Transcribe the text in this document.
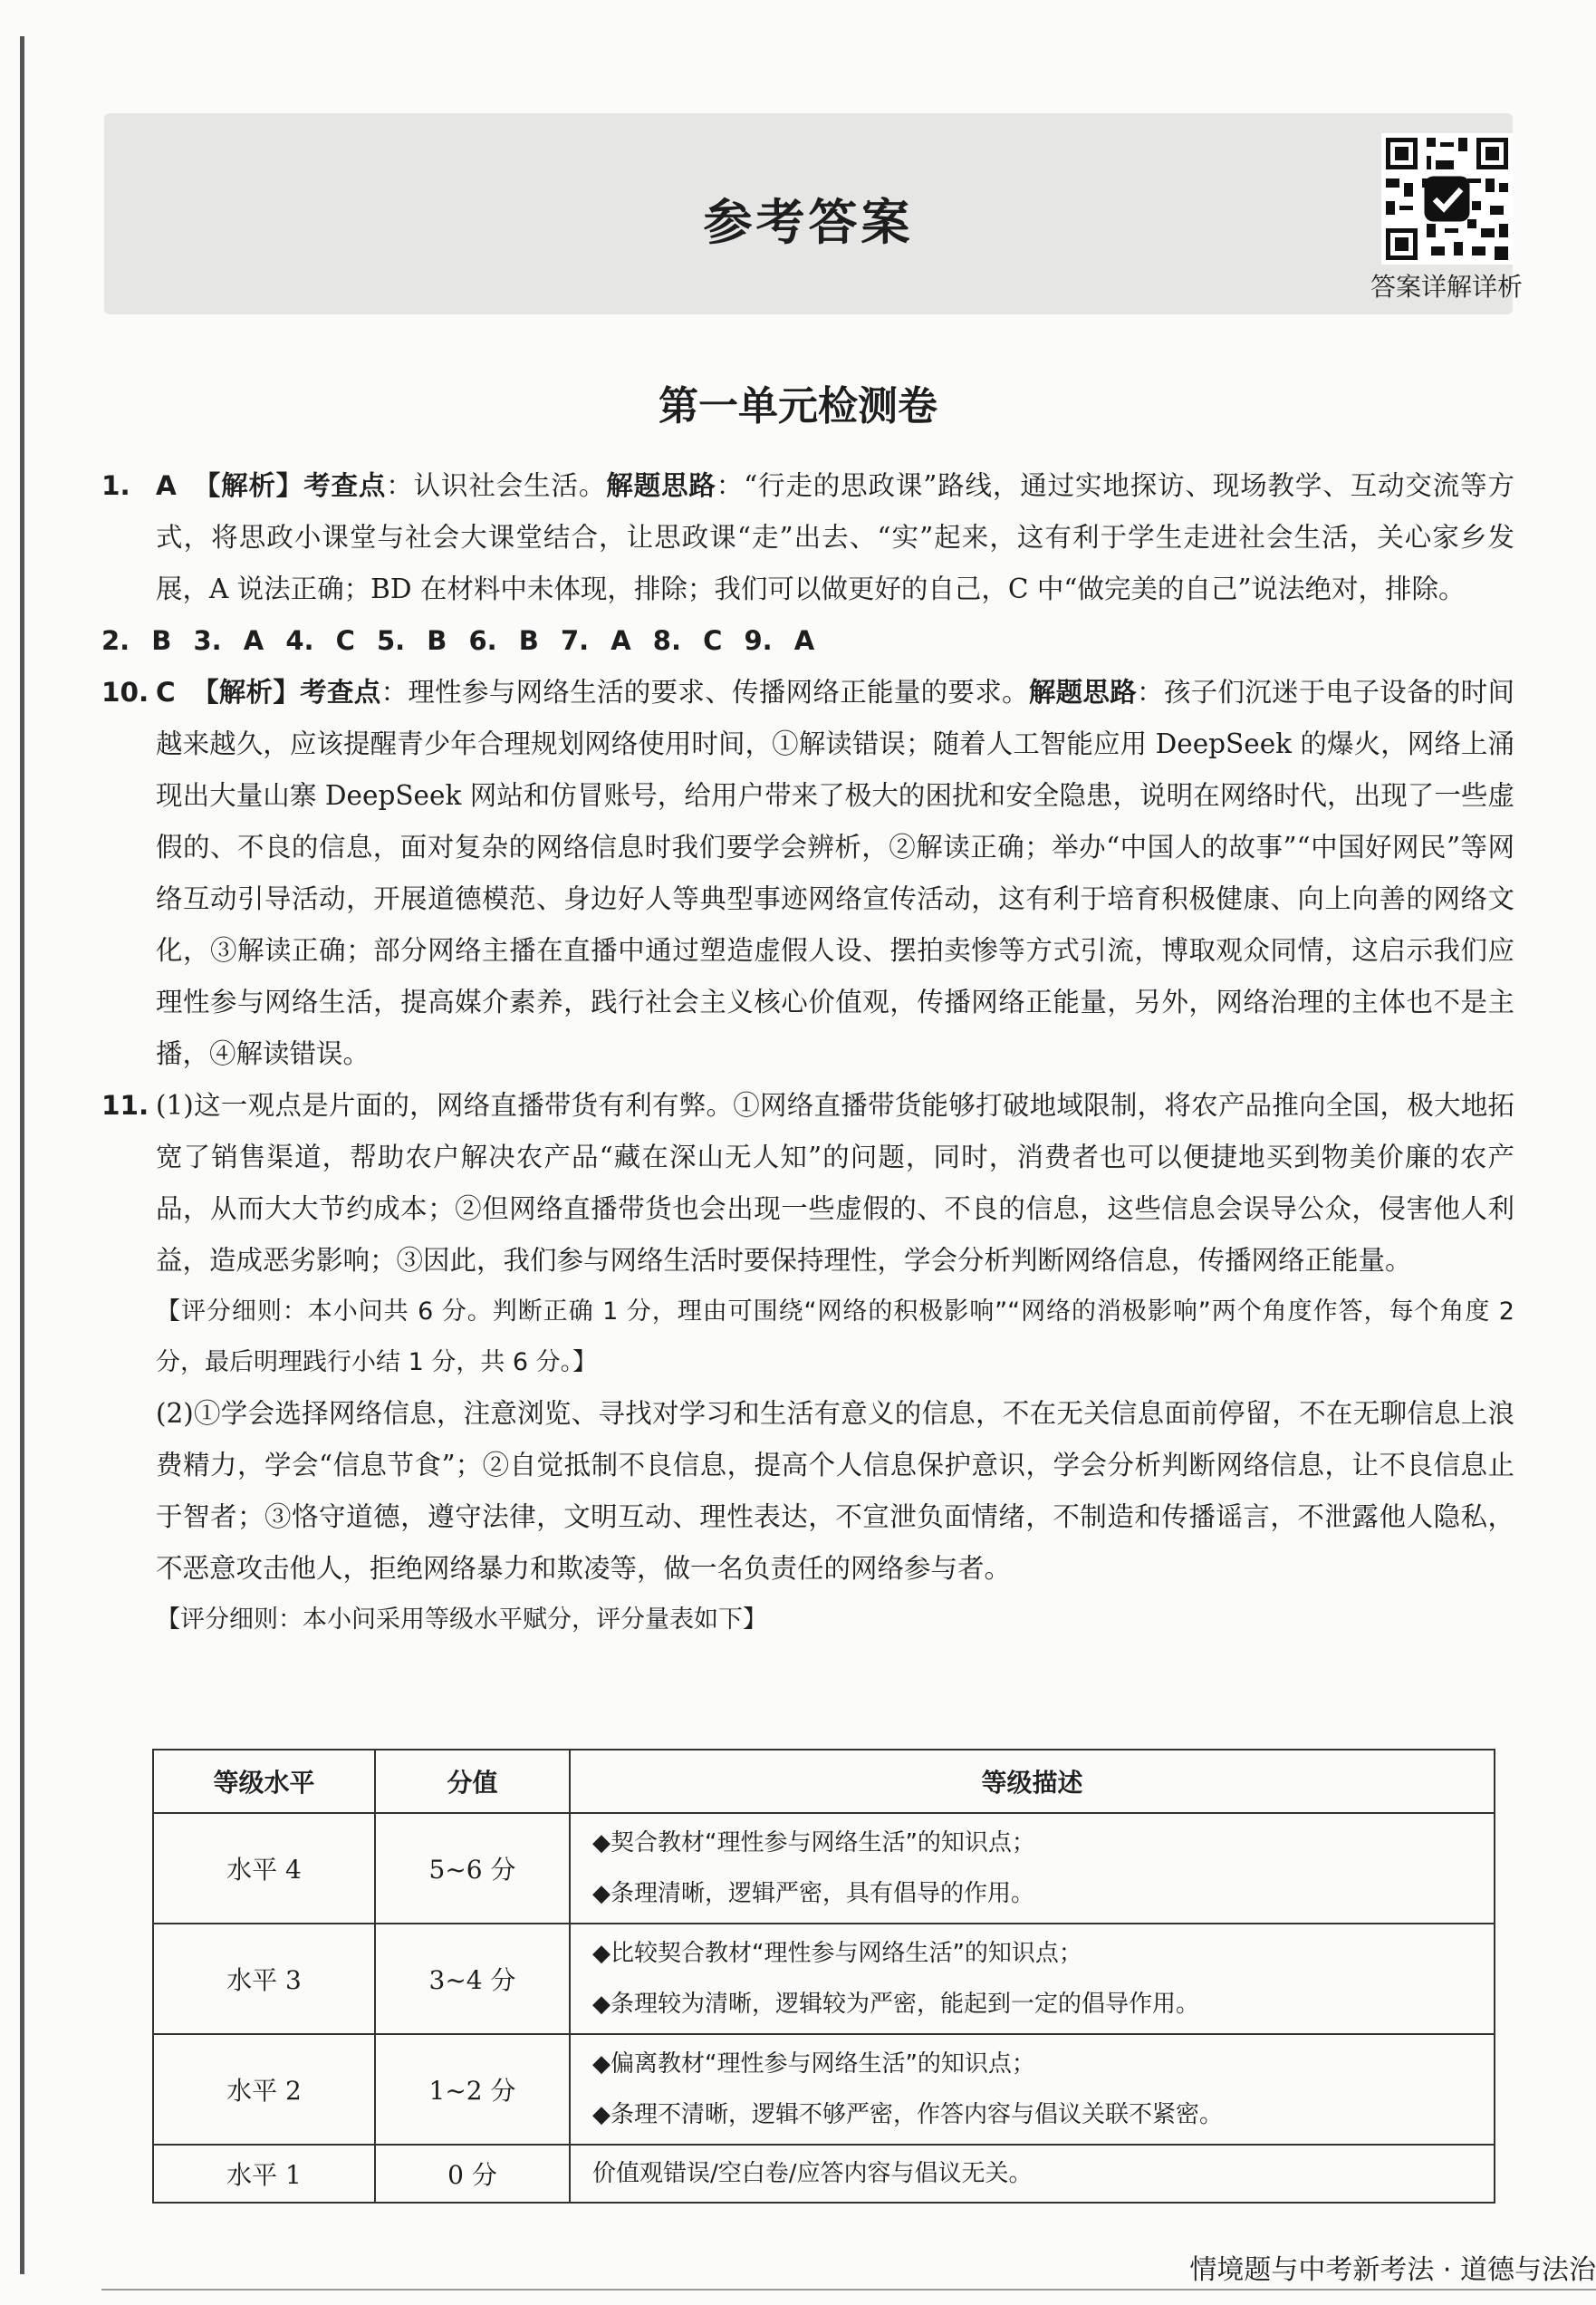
参考答案
答案详解详析
第一单元检测卷

1. A 【解析】考查点：认识社会生活。解题思路：“行走的思政课”路线，通过实地探访、现场教学、互动交流等方式，将思政小课堂与社会大课堂结合，让思政课“走”出去、“实”起来，这有利于学生走进社会生活，关心家乡发展，A 说法正确；BD 在材料中未体现，排除；我们可以做更好的自己，C 中“做完美的自己”说法绝对，排除。

2. B 3. A 4. C 5. B 6. B 7. A 8. C 9. A

10. C 【解析】考查点：理性参与网络生活的要求、传播网络正能量的要求。解题思路：孩子们沉迷于电子设备的时间越来越久，应该提醒青少年合理规划网络使用时间，①解读错误；随着人工智能应用 DeepSeek 的爆火，网络上涌现出大量山寨 DeepSeek 网站和仿冒账号，给用户带来了极大的困扰和安全隐患，说明在网络时代，出现了一些虚假的、不良的信息，面对复杂的网络信息时我们要学会辨析，②解读正确；举办“中国人的故事”“中国好网民”等网络互动引导活动，开展道德模范、身边好人等典型事迹网络宣传活动，这有利于培育积极健康、向上向善的网络文化，③解读正确；部分网络主播在直播中通过塑造虚假人设、摆拍卖惨等方式引流，博取观众同情，这启示我们应理性参与网络生活，提高媒介素养，践行社会主义核心价值观，传播网络正能量，另外，网络治理的主体也不是主播，④解读错误。

11. (1)这一观点是片面的，网络直播带货有利有弊。①网络直播带货能够打破地域限制，将农产品推向全国，极大地拓宽了销售渠道，帮助农户解决农产品“藏在深山无人知”的问题，同时，消费者也可以便捷地买到物美价廉的农产品，从而大大节约成本；②但网络直播带货也会出现一些虚假的、不良的信息，这些信息会误导公众，侵害他人利益，造成恶劣影响；③因此，我们参与网络生活时要保持理性，学会分析判断网络信息，传播网络正能量。

【评分细则：本小问共 6 分。判断正确 1 分，理由可围绕“网络的积极影响”“网络的消极影响”两个角度作答，每个角度 2 分，最后明理践行小结 1 分，共 6 分。】

(2)①学会选择网络信息，注意浏览、寻找对学习和生活有意义的信息，不在无关信息面前停留，不在无聊信息上浪费精力，学会“信息节食”；②自觉抵制不良信息，提高个人信息保护意识，学会分析判断网络信息，让不良信息止于智者；③恪守道德，遵守法律，文明互动、理性表达，不宣泄负面情绪，不制造和传播谣言，不泄露他人隐私，不恶意攻击他人，拒绝网络暴力和欺凌等，做一名负责任的网络参与者。

【评分细则：本小问采用等级水平赋分，评分量表如下】

等级水平	分值	等级描述
水平 4	5~6 分	◆契合教材“理性参与网络生活”的知识点；
◆条理清晰，逻辑严密，具有倡导的作用。

水平 3	3~4 分	◆比较契合教材“理性参与网络生活”的知识点；
◆条理较为清晰，逻辑较为严密，能起到一定的倡导作用。

水平 2	1~2 分	◆偏离教材“理性参与网络生活”的知识点；
◆条理不清晰，逻辑不够严密，作答内容与倡议关联不紧密。

水平 1	0 分	价值观错误/空白卷/应答内容与倡议无关。
情境题与中考新考法 · 道德与法治
